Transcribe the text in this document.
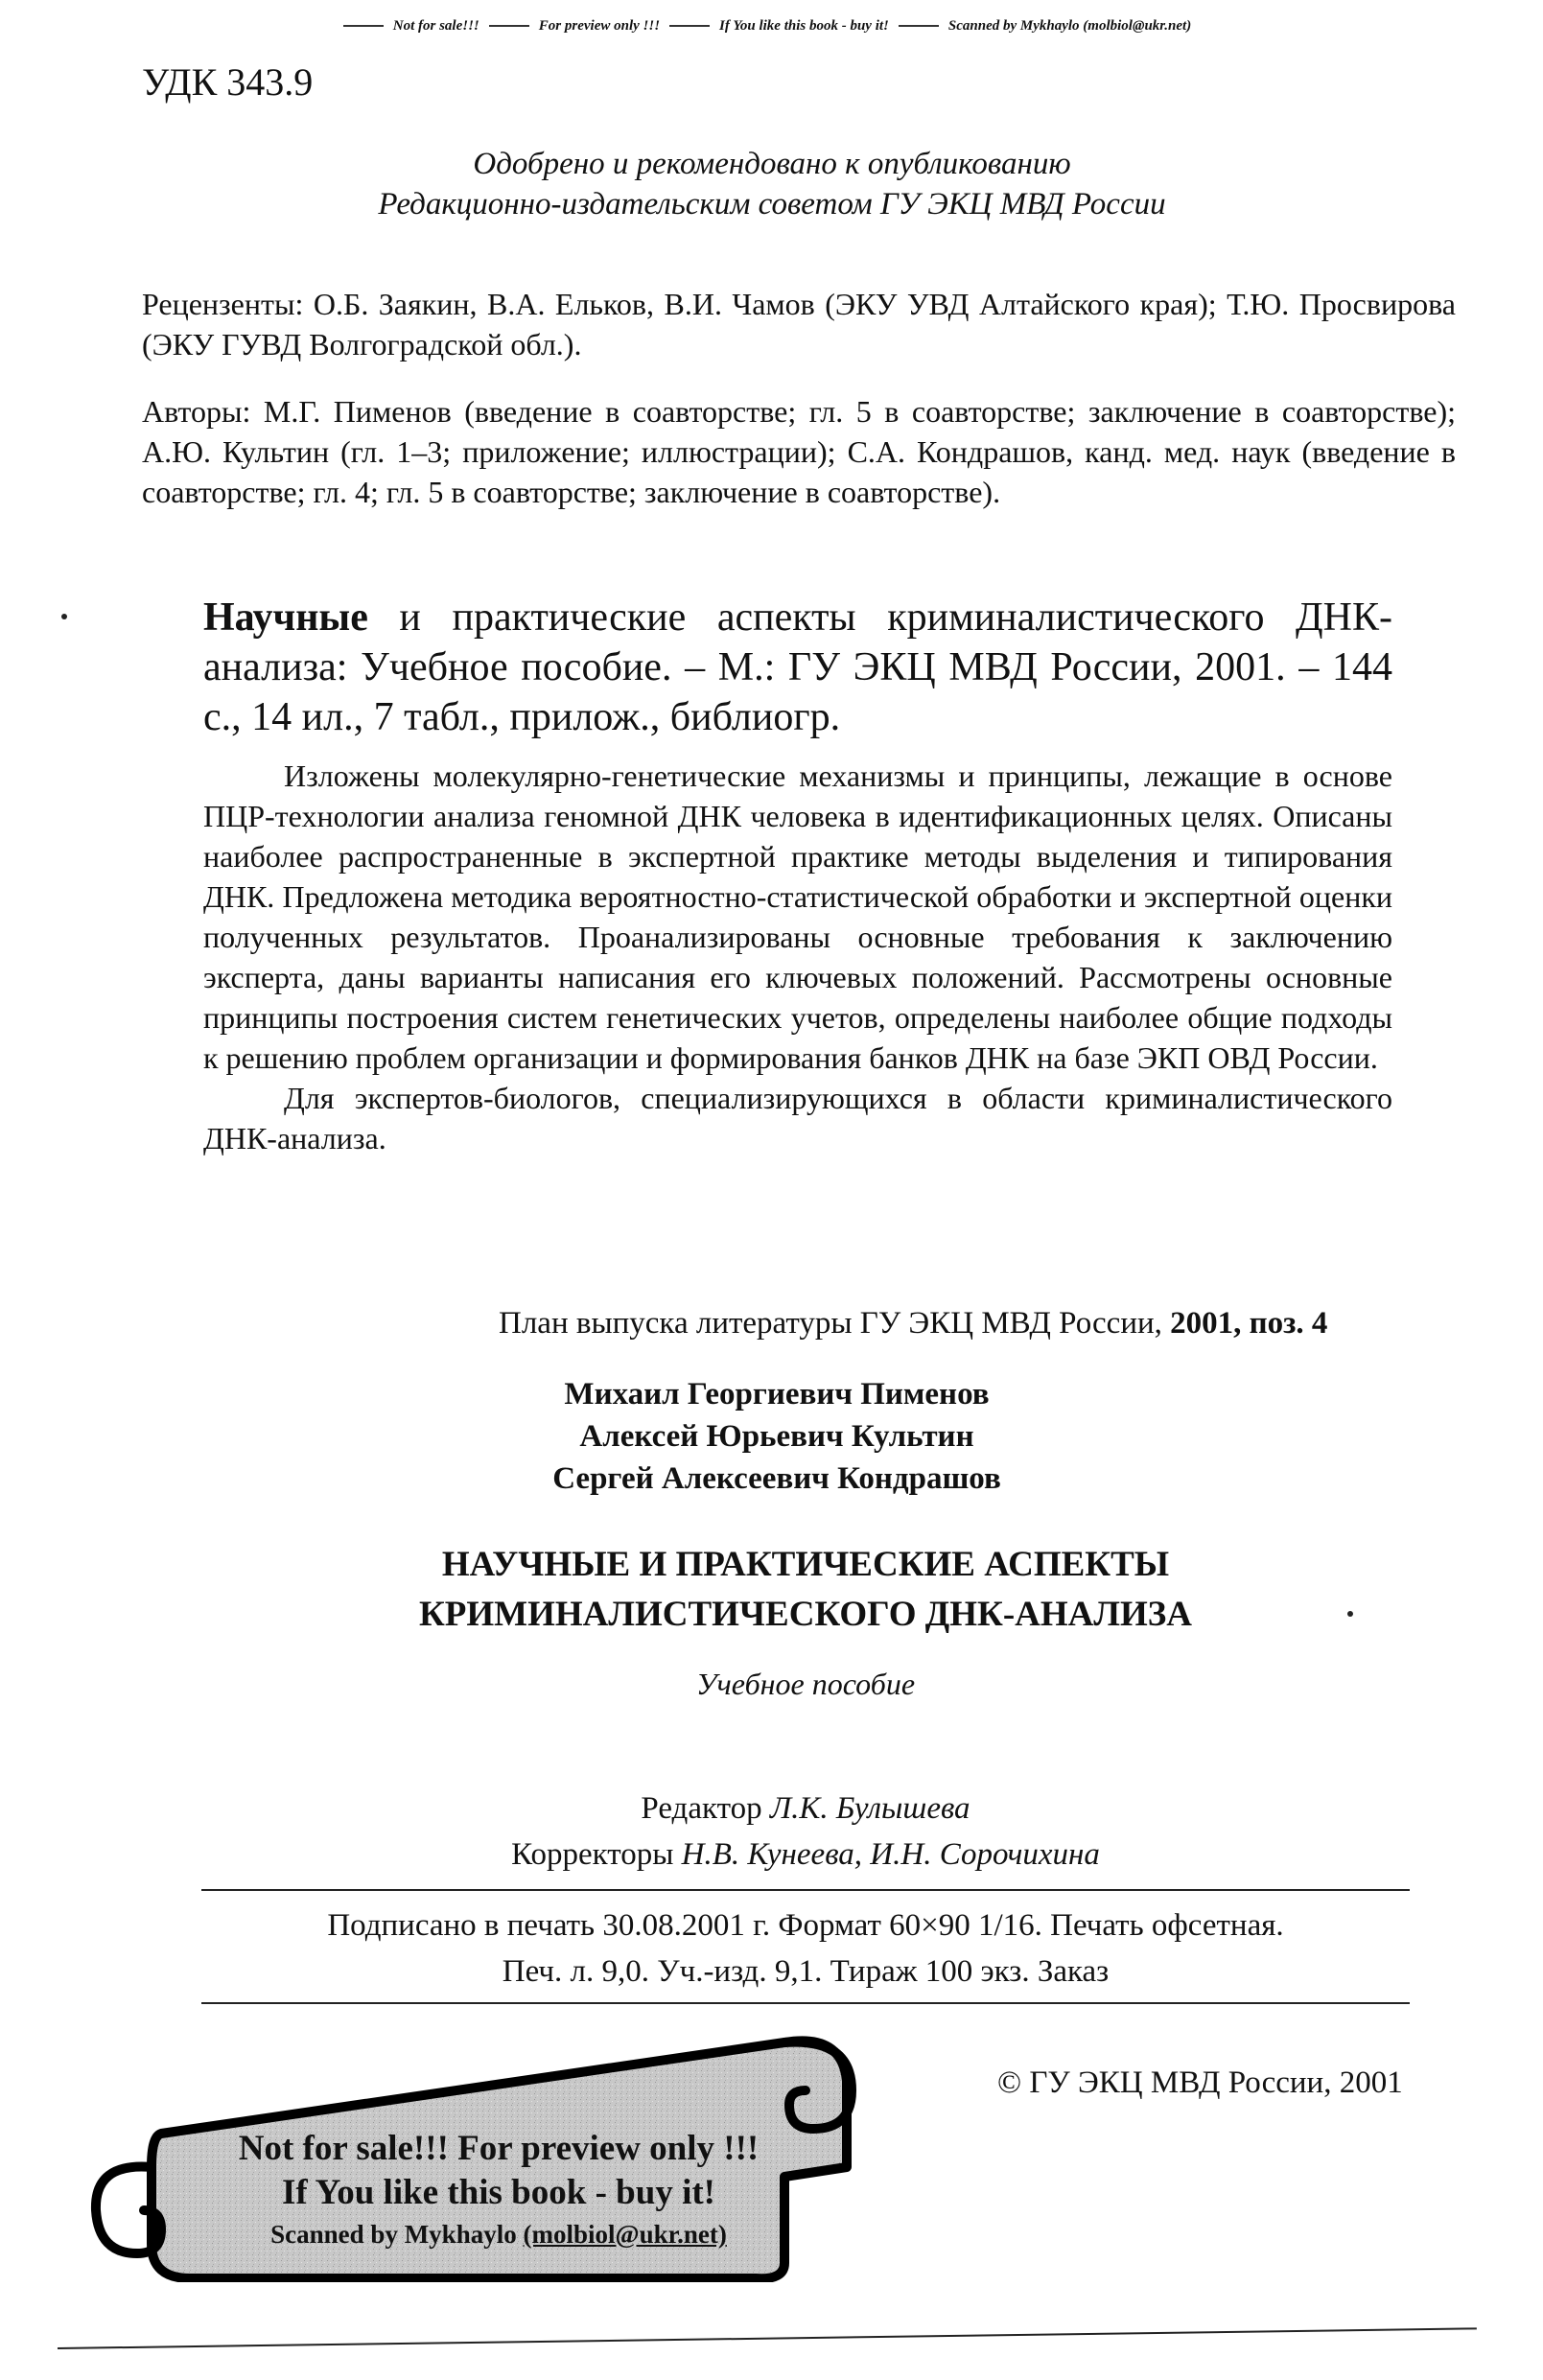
Not for sale!!!	For preview only !!!	If You like this book - buy it!	Scanned by Mykhaylo (molbiol@ukr.net)
УДК 343.9
Одобрено и рекомендовано к опубликованию
Редакционно-издательским советом ГУ ЭКЦ МВД России
Рецензенты: О.Б. Заякин, В.А. Ельков, В.И. Чамов (ЭКУ УВД Алтайского края); Т.Ю. Просвирова (ЭКУ ГУВД Волгоградской обл.).
Авторы: М.Г. Пименов (введение в соавторстве; гл. 5 в соавторстве; заключение в соавторстве); А.Ю. Культин (гл. 1–3; приложение; иллюстрации); С.А. Кондрашов, канд. мед. наук (введение в соавторстве; гл. 4; гл. 5 в соавторстве; заключение в соавторстве).
Научные и практические аспекты криминалистического ДНК-анализа: Учебное пособие. – М.: ГУ ЭКЦ МВД России, 2001. – 144 с., 14 ил., 7 табл., прилож., библиогр.

Изложены молекулярно-генетические механизмы и принципы, лежащие в основе ПЦР-технологии анализа геномной ДНК человека в идентификационных целях. Описаны наиболее распространенные в экспертной практике методы выделения и типирования ДНК. Предложена методика вероятностно-статистической обработки и экспертной оценки полученных результатов. Проанализированы основные требования к заключению эксперта, даны варианты написания его ключевых положений. Рассмотрены основные принципы построения систем генетических учетов, определены наиболее общие подходы к решению проблем организации и формирования банков ДНК на базе ЭКП ОВД России.

Для экспертов-биологов, специализирующихся в области криминалистического ДНК-анализа.

План выпуска литературы ГУ ЭКЦ МВД России, 2001, поз. 4
Михаил Георгиевич Пименов
Алексей Юрьевич Культин
Сергей Алексеевич Кондрашов
НАУЧНЫЕ И ПРАКТИЧЕСКИЕ АСПЕКТЫ
КРИМИНАЛИСТИЧЕСКОГО ДНК-АНАЛИЗА
Учебное пособие
Редактор Л.К. Булышева
Корректоры Н.В. Кунеева, И.Н. Сорочихина
Подписано в печать 30.08.2001 г. Формат 60×90 1/16. Печать офсетная.
Печ. л. 9,0. Уч.-изд. 9,1. Тираж 100 экз. Заказ
© ГУ ЭКЦ МВД России, 2001
Not for sale!!! For preview only !!!
If You like this book - buy it!
Scanned by Mykhaylo (molbiol@ukr.net)
